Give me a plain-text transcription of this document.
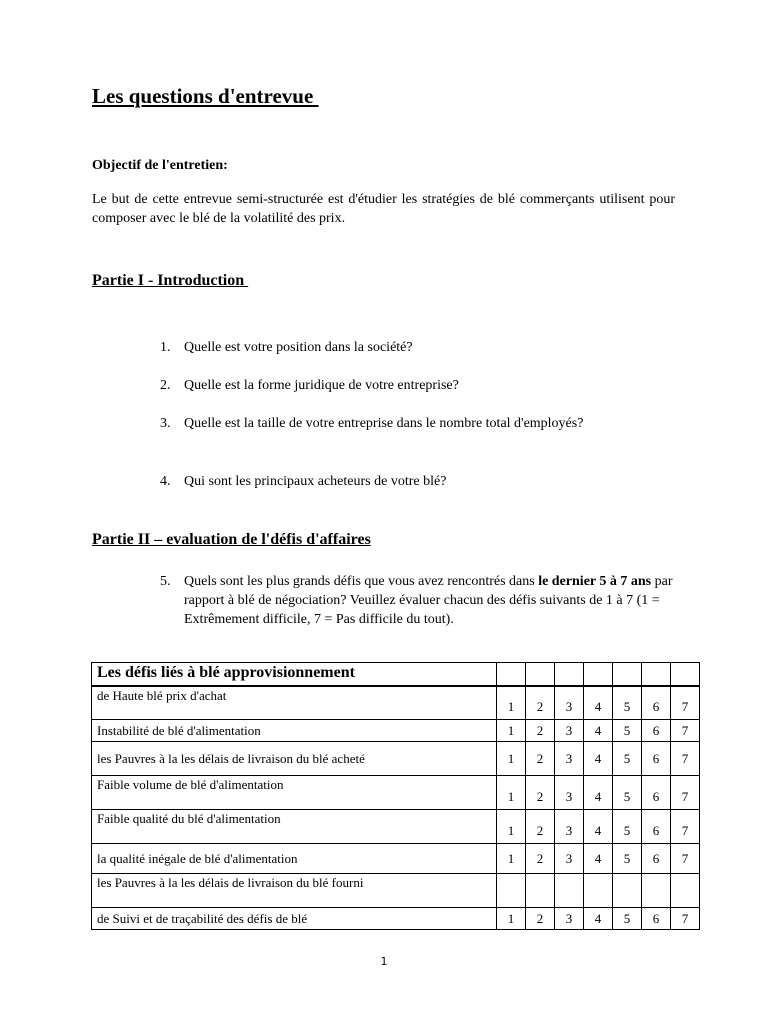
Les questions d'entrevue
Objectif de l'entretien:

Le but de cette entrevue semi-structurée est d'étudier les stratégies de blé commerçants utilisent pour composer avec le blé de la volatilité des prix.

Partie I - Introduction
1. Quelle est votre position dans la société?
2. Quelle est la forme juridique de votre entreprise?
3. Quelle est la taille de votre entreprise dans le nombre total d'employés?
4. Qui sont les principaux acheteurs de votre blé?
Partie II – evaluation de l'défis d'affaires
5. Quels sont les plus grands défis que vous avez rencontrés dans le dernier 5 à 7 ans par rapport à blé de négociation? Veuillez évaluer chacun des défis suivants de 1 à 7 (1 = Extrêmement difficile, 7 = Pas difficile du tout).
Les défis liés à blé approvisionnement							

de Haute blé prix d'achat	1	2	3	4	5	6	7

Instabilité de blé d'alimentation	1	2	3	4	5	6	7

les Pauvres à la les délais de livraison du blé acheté	1	2	3	4	5	6	7

Faible volume de blé d'alimentation	1	2	3	4	5	6	7

Faible qualité du blé d'alimentation	1	2	3	4	5	6	7

la qualité inégale de blé d'alimentation	1	2	3	4	5	6	7

les Pauvres à la les délais de livraison du blé fourni							

de Suivi et de traçabilité des défis de blé	1	2	3	4	5	6	7
1
